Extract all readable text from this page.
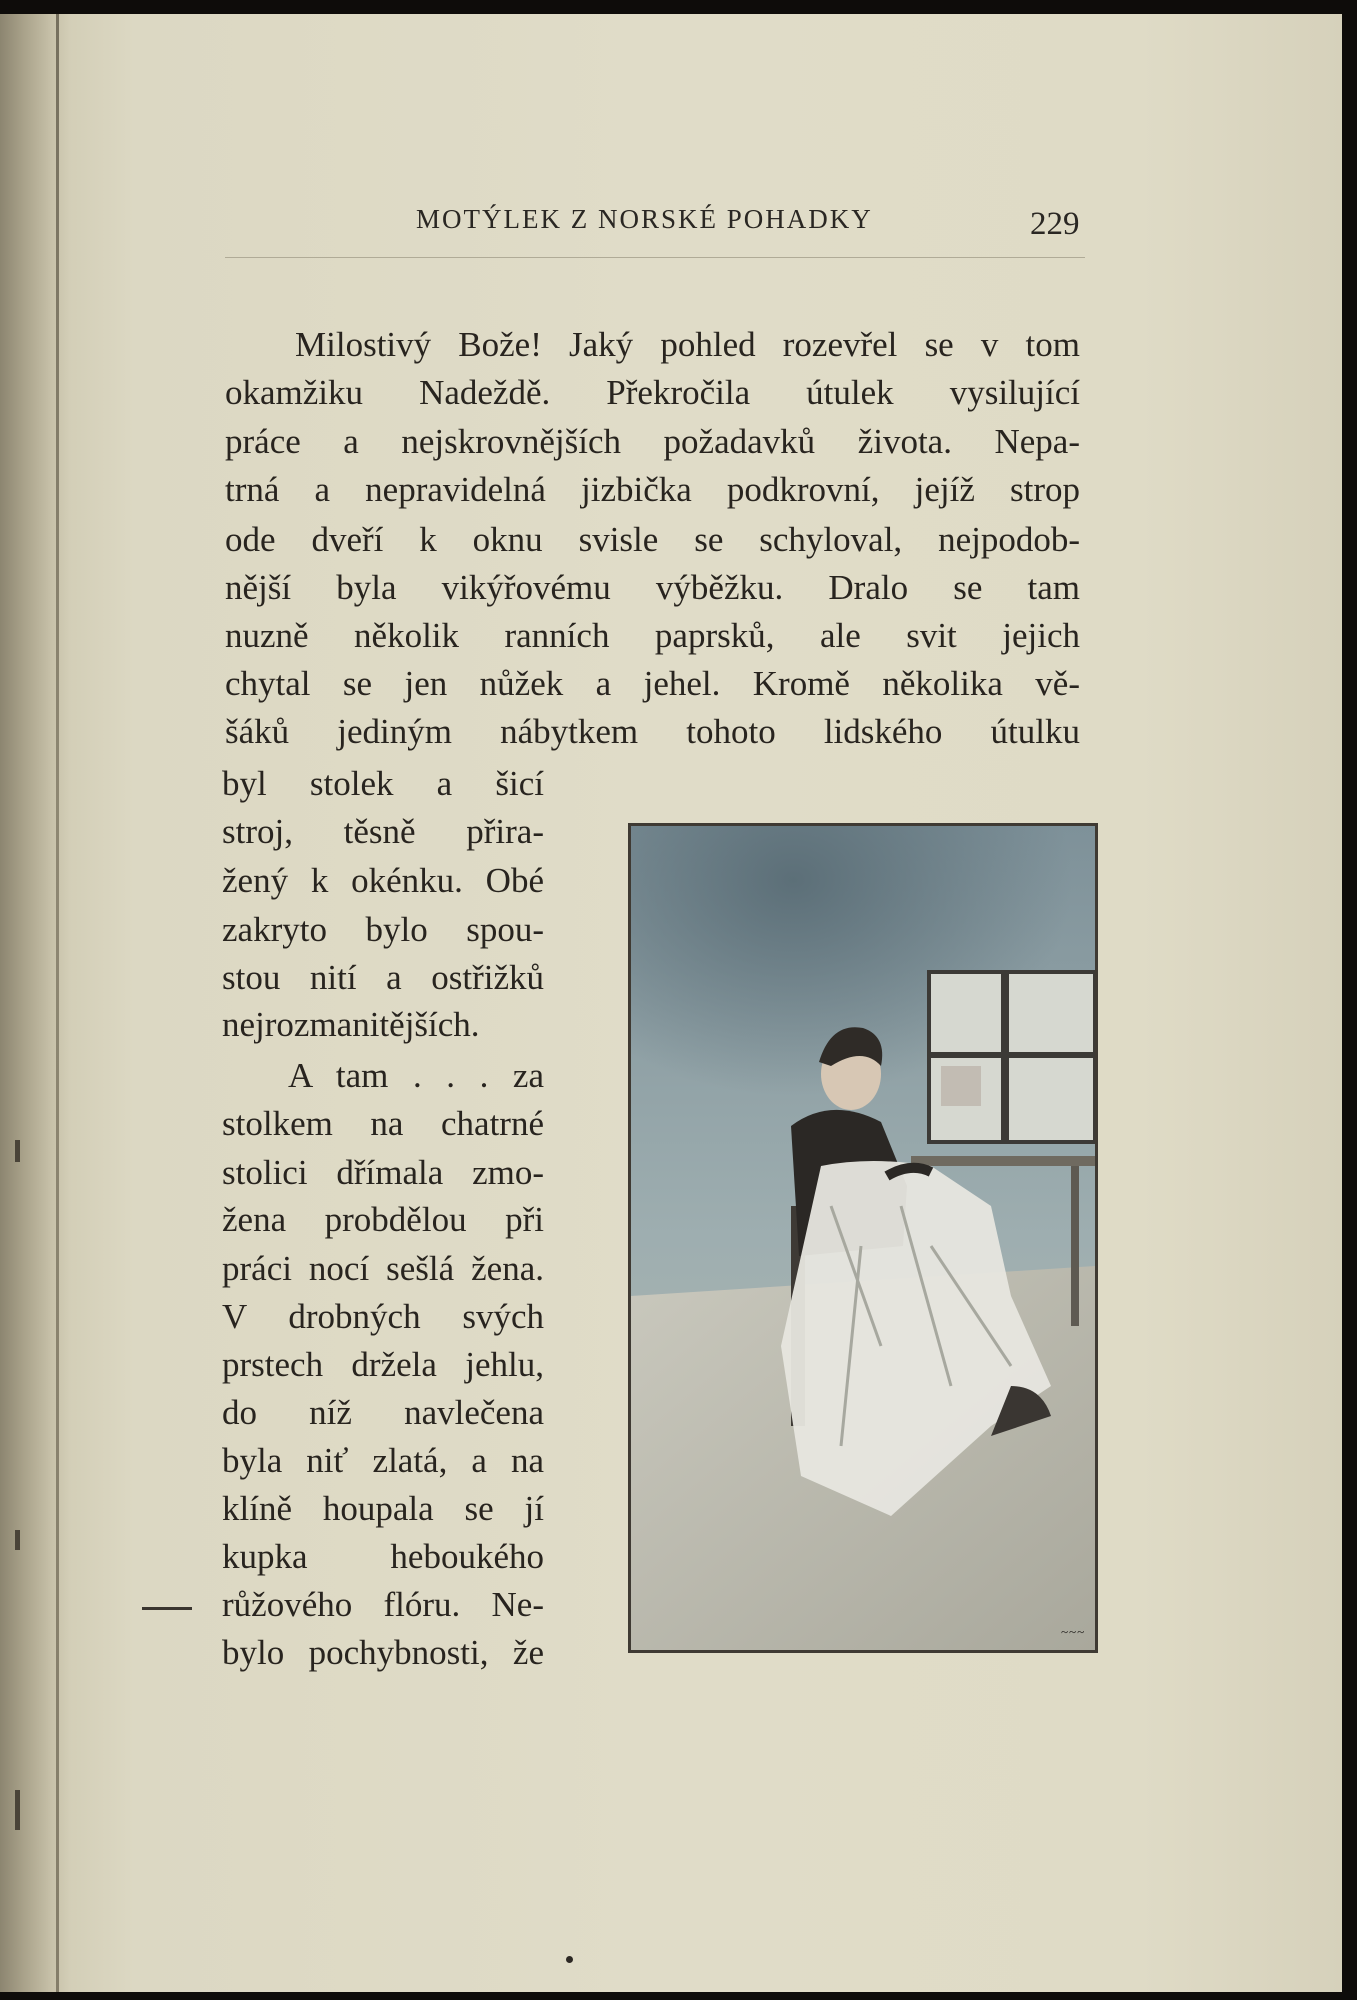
MOTÝLEK Z NORSKÉ POHADKY	229
Milostivý Bože! Jaký pohled rozevřel se v tom
okamžiku Nadeždě. Překročila útulek vysilující
práce a nejskrovnějších požadavků života. Nepa-
trná a nepravidelná jizbička podkrovní, jejíž strop
ode dveří k oknu svisle se schyloval, nejpodob-
nější byla vikýřovému výběžku. Dralo se tam
nuzně několik ranních paprsků, ale svit jejich
chytal se jen nůžek a jehel. Kromě několika vě-
šáků jediným nábytkem tohoto lidského útulku
byl stolek a šicí
stroj, těsně přira-
žený k okénku. Obé
zakryto bylo spou-
stou nití a ostřižků
nejrozmanitějších.
A tam . . . za
stolkem na chatrné
stolici dřímala zmo-
žena probdělou při
práci nocí sešlá žena.
V drobných svých
prstech držela jehlu,
do níž navlečena
byla niť zlatá, a na
klíně houpala se jí
kupka heboukého
růžového flóru. Ne-
bylo pochybnosti, že
~~~
